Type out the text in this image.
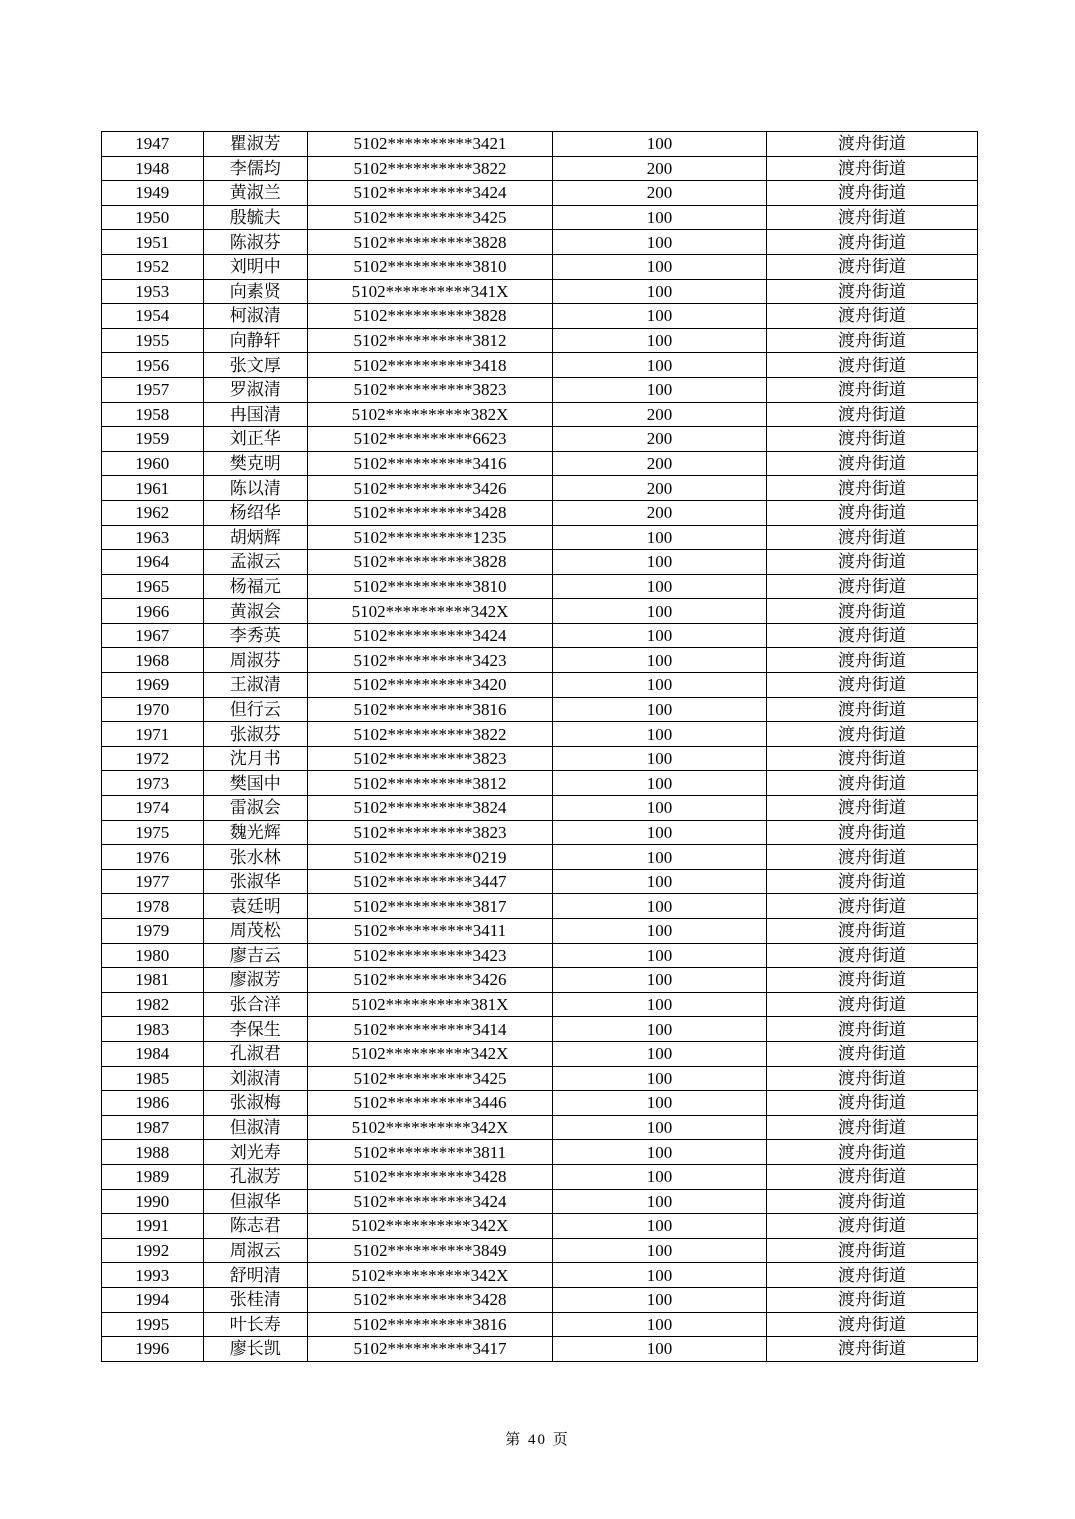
1947	瞿淑芳	5102**********3421	100	渡舟街道
1948	李儒均	5102**********3822	200	渡舟街道
1949	黄淑兰	5102**********3424	200	渡舟街道
1950	殷毓夫	5102**********3425	100	渡舟街道
1951	陈淑芬	5102**********3828	100	渡舟街道
1952	刘明中	5102**********3810	100	渡舟街道
1953	向素贤	5102**********341X	100	渡舟街道
1954	柯淑清	5102**********3828	100	渡舟街道
1955	向静轩	5102**********3812	100	渡舟街道
1956	张文厚	5102**********3418	100	渡舟街道
1957	罗淑清	5102**********3823	100	渡舟街道
1958	冉国清	5102**********382X	200	渡舟街道
1959	刘正华	5102**********6623	200	渡舟街道
1960	樊克明	5102**********3416	200	渡舟街道
1961	陈以清	5102**********3426	200	渡舟街道
1962	杨绍华	5102**********3428	200	渡舟街道
1963	胡炳辉	5102**********1235	100	渡舟街道
1964	孟淑云	5102**********3828	100	渡舟街道
1965	杨福元	5102**********3810	100	渡舟街道
1966	黄淑会	5102**********342X	100	渡舟街道
1967	李秀英	5102**********3424	100	渡舟街道
1968	周淑芬	5102**********3423	100	渡舟街道
1969	王淑清	5102**********3420	100	渡舟街道
1970	但行云	5102**********3816	100	渡舟街道
1971	张淑芬	5102**********3822	100	渡舟街道
1972	沈月书	5102**********3823	100	渡舟街道
1973	樊国中	5102**********3812	100	渡舟街道
1974	雷淑会	5102**********3824	100	渡舟街道
1975	魏光辉	5102**********3823	100	渡舟街道
1976	张水林	5102**********0219	100	渡舟街道
1977	张淑华	5102**********3447	100	渡舟街道
1978	袁廷明	5102**********3817	100	渡舟街道
1979	周茂松	5102**********3411	100	渡舟街道
1980	廖吉云	5102**********3423	100	渡舟街道
1981	廖淑芳	5102**********3426	100	渡舟街道
1982	张合洋	5102**********381X	100	渡舟街道
1983	李保生	5102**********3414	100	渡舟街道
1984	孔淑君	5102**********342X	100	渡舟街道
1985	刘淑清	5102**********3425	100	渡舟街道
1986	张淑梅	5102**********3446	100	渡舟街道
1987	但淑清	5102**********342X	100	渡舟街道
1988	刘光寿	5102**********3811	100	渡舟街道
1989	孔淑芳	5102**********3428	100	渡舟街道
1990	但淑华	5102**********3424	100	渡舟街道
1991	陈志君	5102**********342X	100	渡舟街道
1992	周淑云	5102**********3849	100	渡舟街道
1993	舒明清	5102**********342X	100	渡舟街道
1994	张桂清	5102**********3428	100	渡舟街道
1995	叶长寿	5102**********3816	100	渡舟街道
1996	廖长凯	5102**********3417	100	渡舟街道
第 40 页
